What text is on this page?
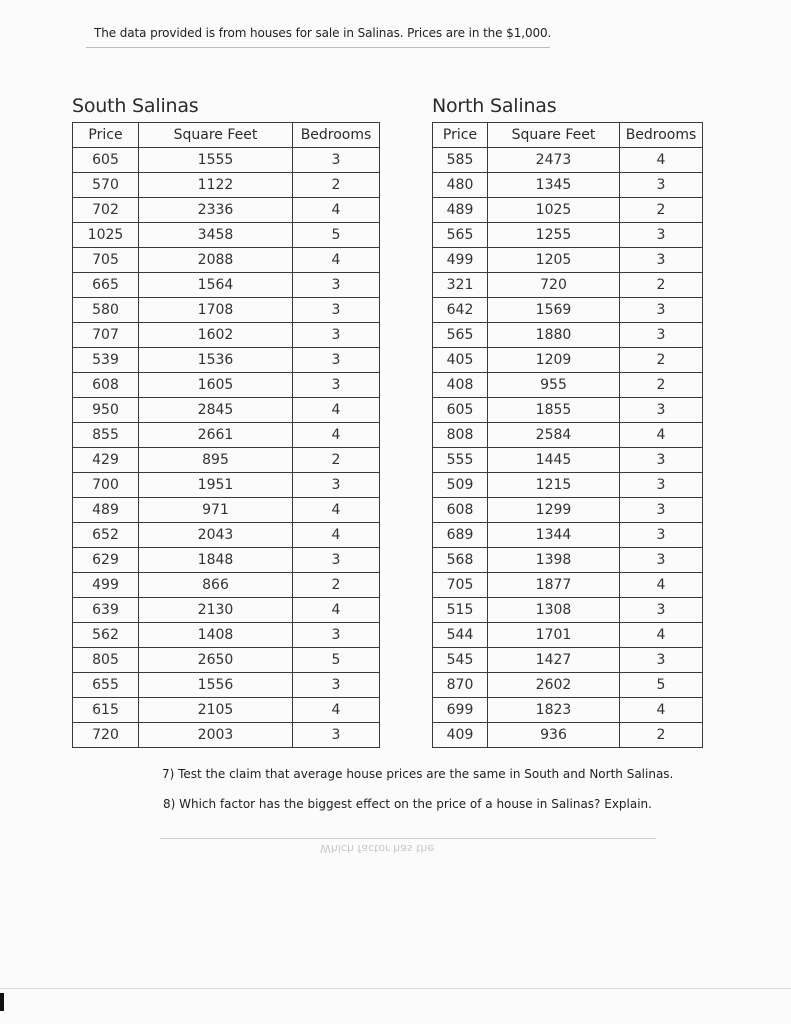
The data provided is from houses for sale in Salinas. Prices are in the $1,000.
South Salinas	North Salinas
Price	Square Feet	Bedrooms
605	1555	3
570	1122	2
702	2336	4
1025	3458	5
705	2088	4
665	1564	3
580	1708	3
707	1602	3
539	1536	3
608	1605	3
950	2845	4
855	2661	4
429	895	2
700	1951	3
489	971	4
652	2043	4
629	1848	3
499	866	2
639	2130	4
562	1408	3
805	2650	5
655	1556	3
615	2105	4
720	2003	3
Price	Square Feet	Bedrooms
585	2473	4
480	1345	3
489	1025	2
565	1255	3
499	1205	3
321	720	2
642	1569	3
565	1880	3
405	1209	2
408	955	2
605	1855	3
808	2584	4
555	1445	3
509	1215	3
608	1299	3
689	1344	3
568	1398	3
705	1877	4
515	1308	3
544	1701	4
545	1427	3
870	2602	5
699	1823	4
409	936	2
7) Test the claim that average house prices are the same in South and North Salinas.
8) Which factor has the biggest effect on the price of a house in Salinas? Explain.
Which factor has the
